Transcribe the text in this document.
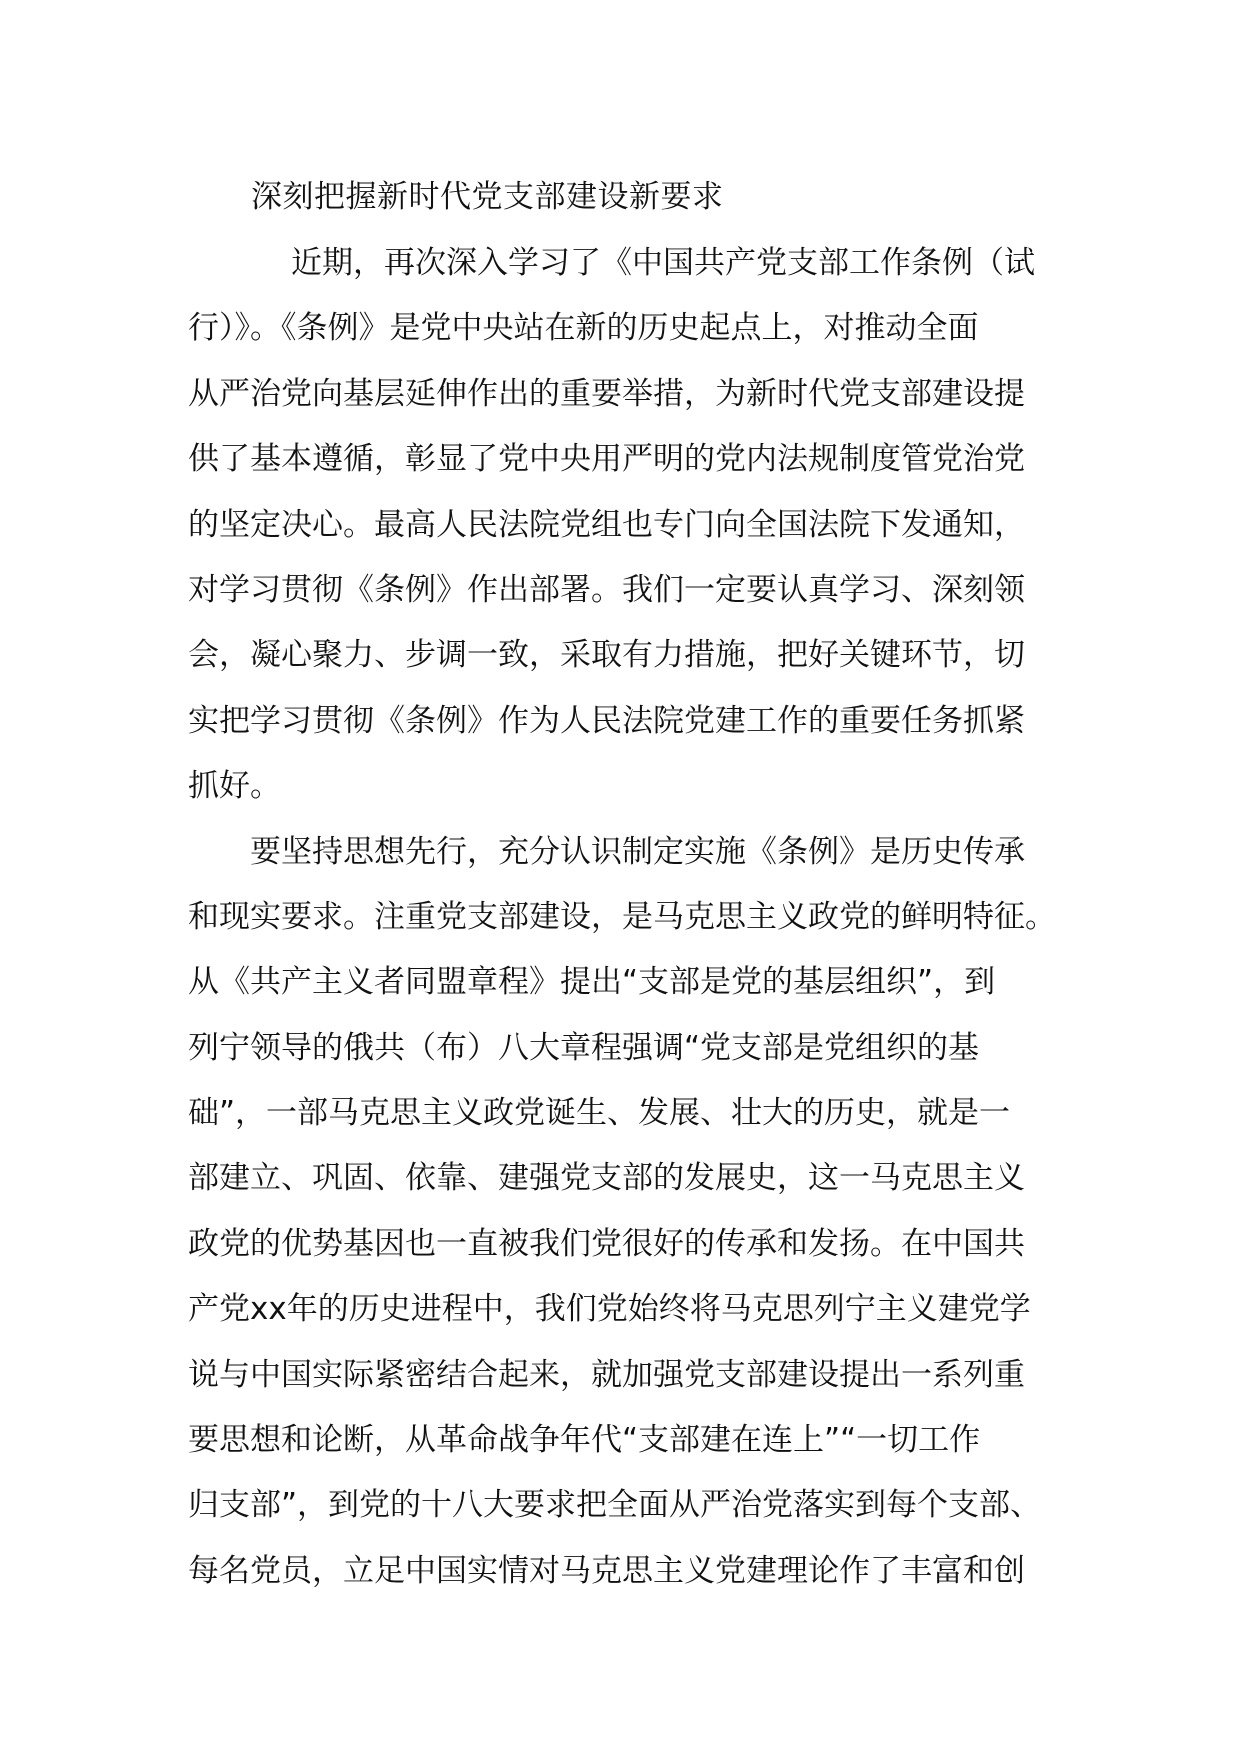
深刻把握新时代党支部建设新要求
近期，再次深入学习了《中国共产党支部工作条例（试
行）》。《条例》是党中央站在新的历史起点上，对推动全面
从严治党向基层延伸作出的重要举措，为新时代党支部建设提
供了基本遵循，彰显了党中央用严明的党内法规制度管党治党
的坚定决心。最高人民法院党组也专门向全国法院下发通知，
对学习贯彻《条例》作出部署。我们一定要认真学习、深刻领
会，凝心聚力、步调一致，采取有力措施，把好关键环节，切
实把学习贯彻《条例》作为人民法院党建工作的重要任务抓紧
抓好。
要坚持思想先行，充分认识制定实施《条例》是历史传承
和现实要求。注重党支部建设，是马克思主义政党的鲜明特征。
从《共产主义者同盟章程》提出“支部是党的基层组织”，到
列宁领导的俄共（布）八大章程强调“党支部是党组织的基
础”，一部马克思主义政党诞生、发展、壮大的历史，就是一
部建立、巩固、依靠、建强党支部的发展史，这一马克思主义
政党的优势基因也一直被我们党很好的传承和发扬。在中国共
产党xx年的历史进程中，我们党始终将马克思列宁主义建党学
说与中国实际紧密结合起来，就加强党支部建设提出一系列重
要思想和论断，从革命战争年代“支部建在连上”“一切工作
归支部”，到党的十八大要求把全面从严治党落实到每个支部、
每名党员，立足中国实情对马克思主义党建理论作了丰富和创
